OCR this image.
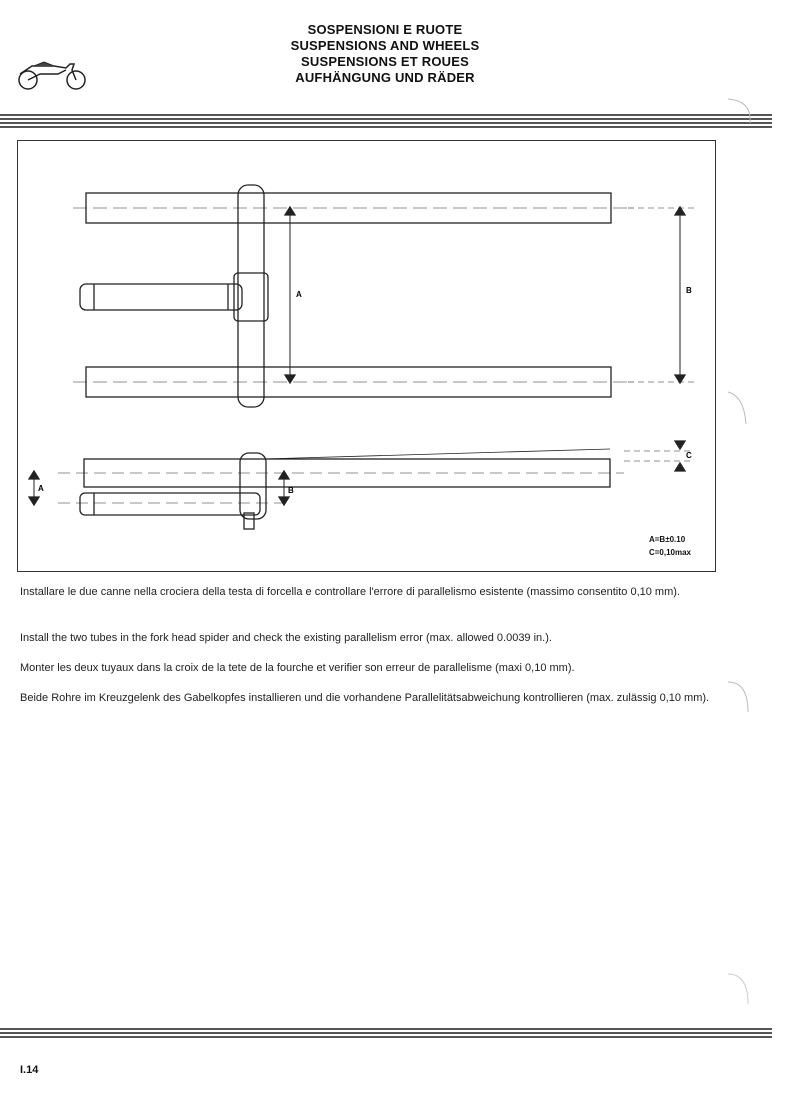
SOSPENSIONI E RUOTE
SUSPENSIONS AND WHEELS
SUSPENSIONS ET ROUES
AUFHÄNGUNG UND RÄDER
A	B
A	B
C
A=B±0.10
C=0,10max
Installare le due canne nella crociera della testa di forcella e controllare l'errore di parallelismo esistente (massimo consentito 0,10 mm).
Install the two tubes in the fork head spider and check the existing parallelism error (max. allowed 0.0039 in.).
Monter les deux tuyaux dans la croix de la tete de la fourche et verifier son erreur de parallelisme (maxi 0,10 mm).
Beide Rohre im Kreuzgelenk des Gabelkopfes installieren und die vorhandene Parallelitätsabweichung kontrollieren (max. zulässig 0,10 mm).
I.14
